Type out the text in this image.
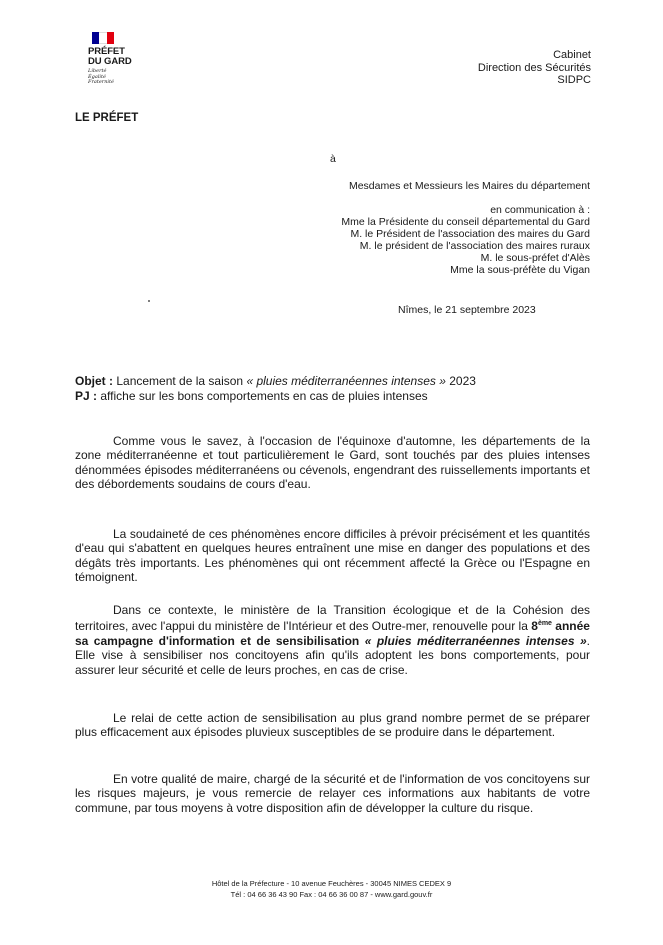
PRÉFET
DU GARD
Liberté
Égalité
Fraternité
Cabinet
Direction des Sécurités
SIDPC
LE PRÉFET
à
Mesdames et Messieurs les Maires du département
en communication à :
Mme la Présidente du conseil départemental du Gard
M. le Président de l'association des maires du Gard
M. le président de l'association des maires ruraux
M. le sous-préfet d'Alès
Mme la sous-préfète du Vigan
Nîmes, le 21 septembre 2023
Objet : Lancement de la saison « pluies méditerranéennes intenses » 2023
PJ : affiche sur les bons comportements en cas de pluies intenses
Comme vous le savez, à l'occasion de l'équinoxe d'automne, les départements de la zone méditerranéenne et tout particulièrement le Gard, sont touchés par des pluies intenses dénommées épisodes méditerranéens ou cévenols, engendrant des ruissellements importants et des débordements soudains de cours d'eau.
La soudaineté de ces phénomènes encore difficiles à prévoir précisément et les quantités d'eau qui s'abattent en quelques heures entraînent une mise en danger des populations et des dégâts très importants. Les phénomènes qui ont récemment affecté la Grèce ou l'Espagne en témoignent.
Dans ce contexte, le ministère de la Transition écologique et de la Cohésion des territoires, avec l'appui du ministère de l'Intérieur et des Outre-mer, renouvelle pour la 8ème année sa campagne d'information et de sensibilisation « pluies méditerranéennes intenses ». Elle vise à sensibiliser nos concitoyens afin qu'ils adoptent les bons comportements, pour assurer leur sécurité et celle de leurs proches, en cas de crise.
Le relai de cette action de sensibilisation au plus grand nombre permet de se préparer plus efficacement aux épisodes pluvieux susceptibles de se produire dans le département.
En votre qualité de maire, chargé de la sécurité et de l'information de vos concitoyens sur les risques majeurs, je vous remercie de relayer ces informations aux habitants de votre commune, par tous moyens à votre disposition afin de développer la culture du risque.
Hôtel de la Préfecture - 10 avenue Feuchères - 30045 NIMES CEDEX 9
Tél : 04 66 36 43 90 Fax : 04 66 36 00 87 - www.gard.gouv.fr
